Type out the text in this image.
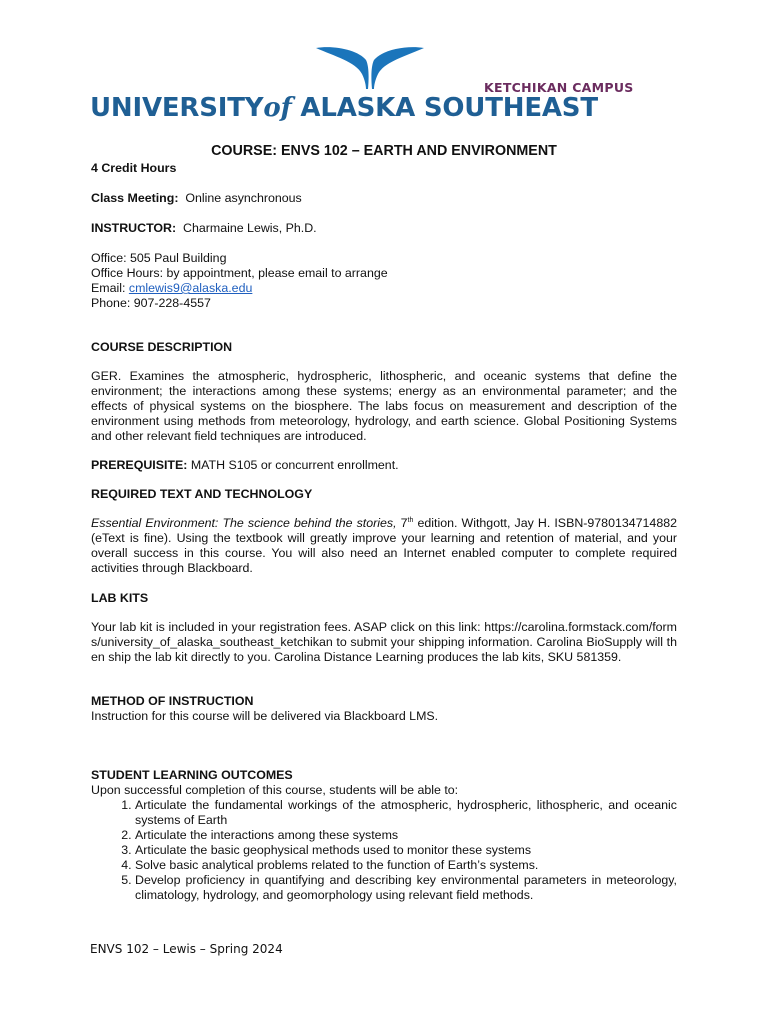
KETCHIKAN CAMPUS
UNIVERSITYof ALASKA SOUTHEAST
COURSE: ENVS 102 – EARTH AND ENVIRONMENT

4 Credit Hours

Class Meeting: Online asynchronous

INSTRUCTOR: Charmaine Lewis, Ph.D.

Office: 505 Paul Building

Office Hours: by appointment, please email to arrange

Email: cmlewis9@alaska.edu

Phone: 907-228-4557

COURSE DESCRIPTION

GER. Examines the atmospheric, hydrospheric, lithospheric, and oceanic systems that define the environment; the interactions among these systems; energy as an environmental parameter; and the effects of physical systems on the biosphere. The labs focus on measurement and description of the environment using methods from meteorology, hydrology, and earth science. Global Positioning Systems and other relevant field techniques are introduced.

PREREQUISITE: MATH S105 or concurrent enrollment.

REQUIRED TEXT AND TECHNOLOGY

Essential Environment: The science behind the stories, 7th edition. Withgott, Jay H. ISBN-9780134714882 (eText is fine). Using the textbook will greatly improve your learning and retention of material, and your overall success in this course. You will also need an Internet enabled computer to complete required activities through Blackboard.

LAB KITS

Your lab kit is included in your registration fees. ASAP click on this link: https://carolina.formstack.com/forms/university_of_alaska_southeast_ketchikan to submit your shipping information. Carolina BioSupply will then ship the lab kit directly to you. Carolina Distance Learning produces the lab kits, SKU 581359.

METHOD OF INSTRUCTION

Instruction for this course will be delivered via Blackboard LMS.

STUDENT LEARNING OUTCOMES

Upon successful completion of this course, students will be able to:

1. Articulate the fundamental workings of the atmospheric, hydrospheric, lithospheric, and oceanic systems of Earth
2. Articulate the interactions among these systems
3. Articulate the basic geophysical methods used to monitor these systems
4. Solve basic analytical problems related to the function of Earth’s systems.
5. Develop proficiency in quantifying and describing key environmental parameters in meteorology, climatology, hydrology, and geomorphology using relevant field methods.
ENVS 102 – Lewis – Spring 2024
